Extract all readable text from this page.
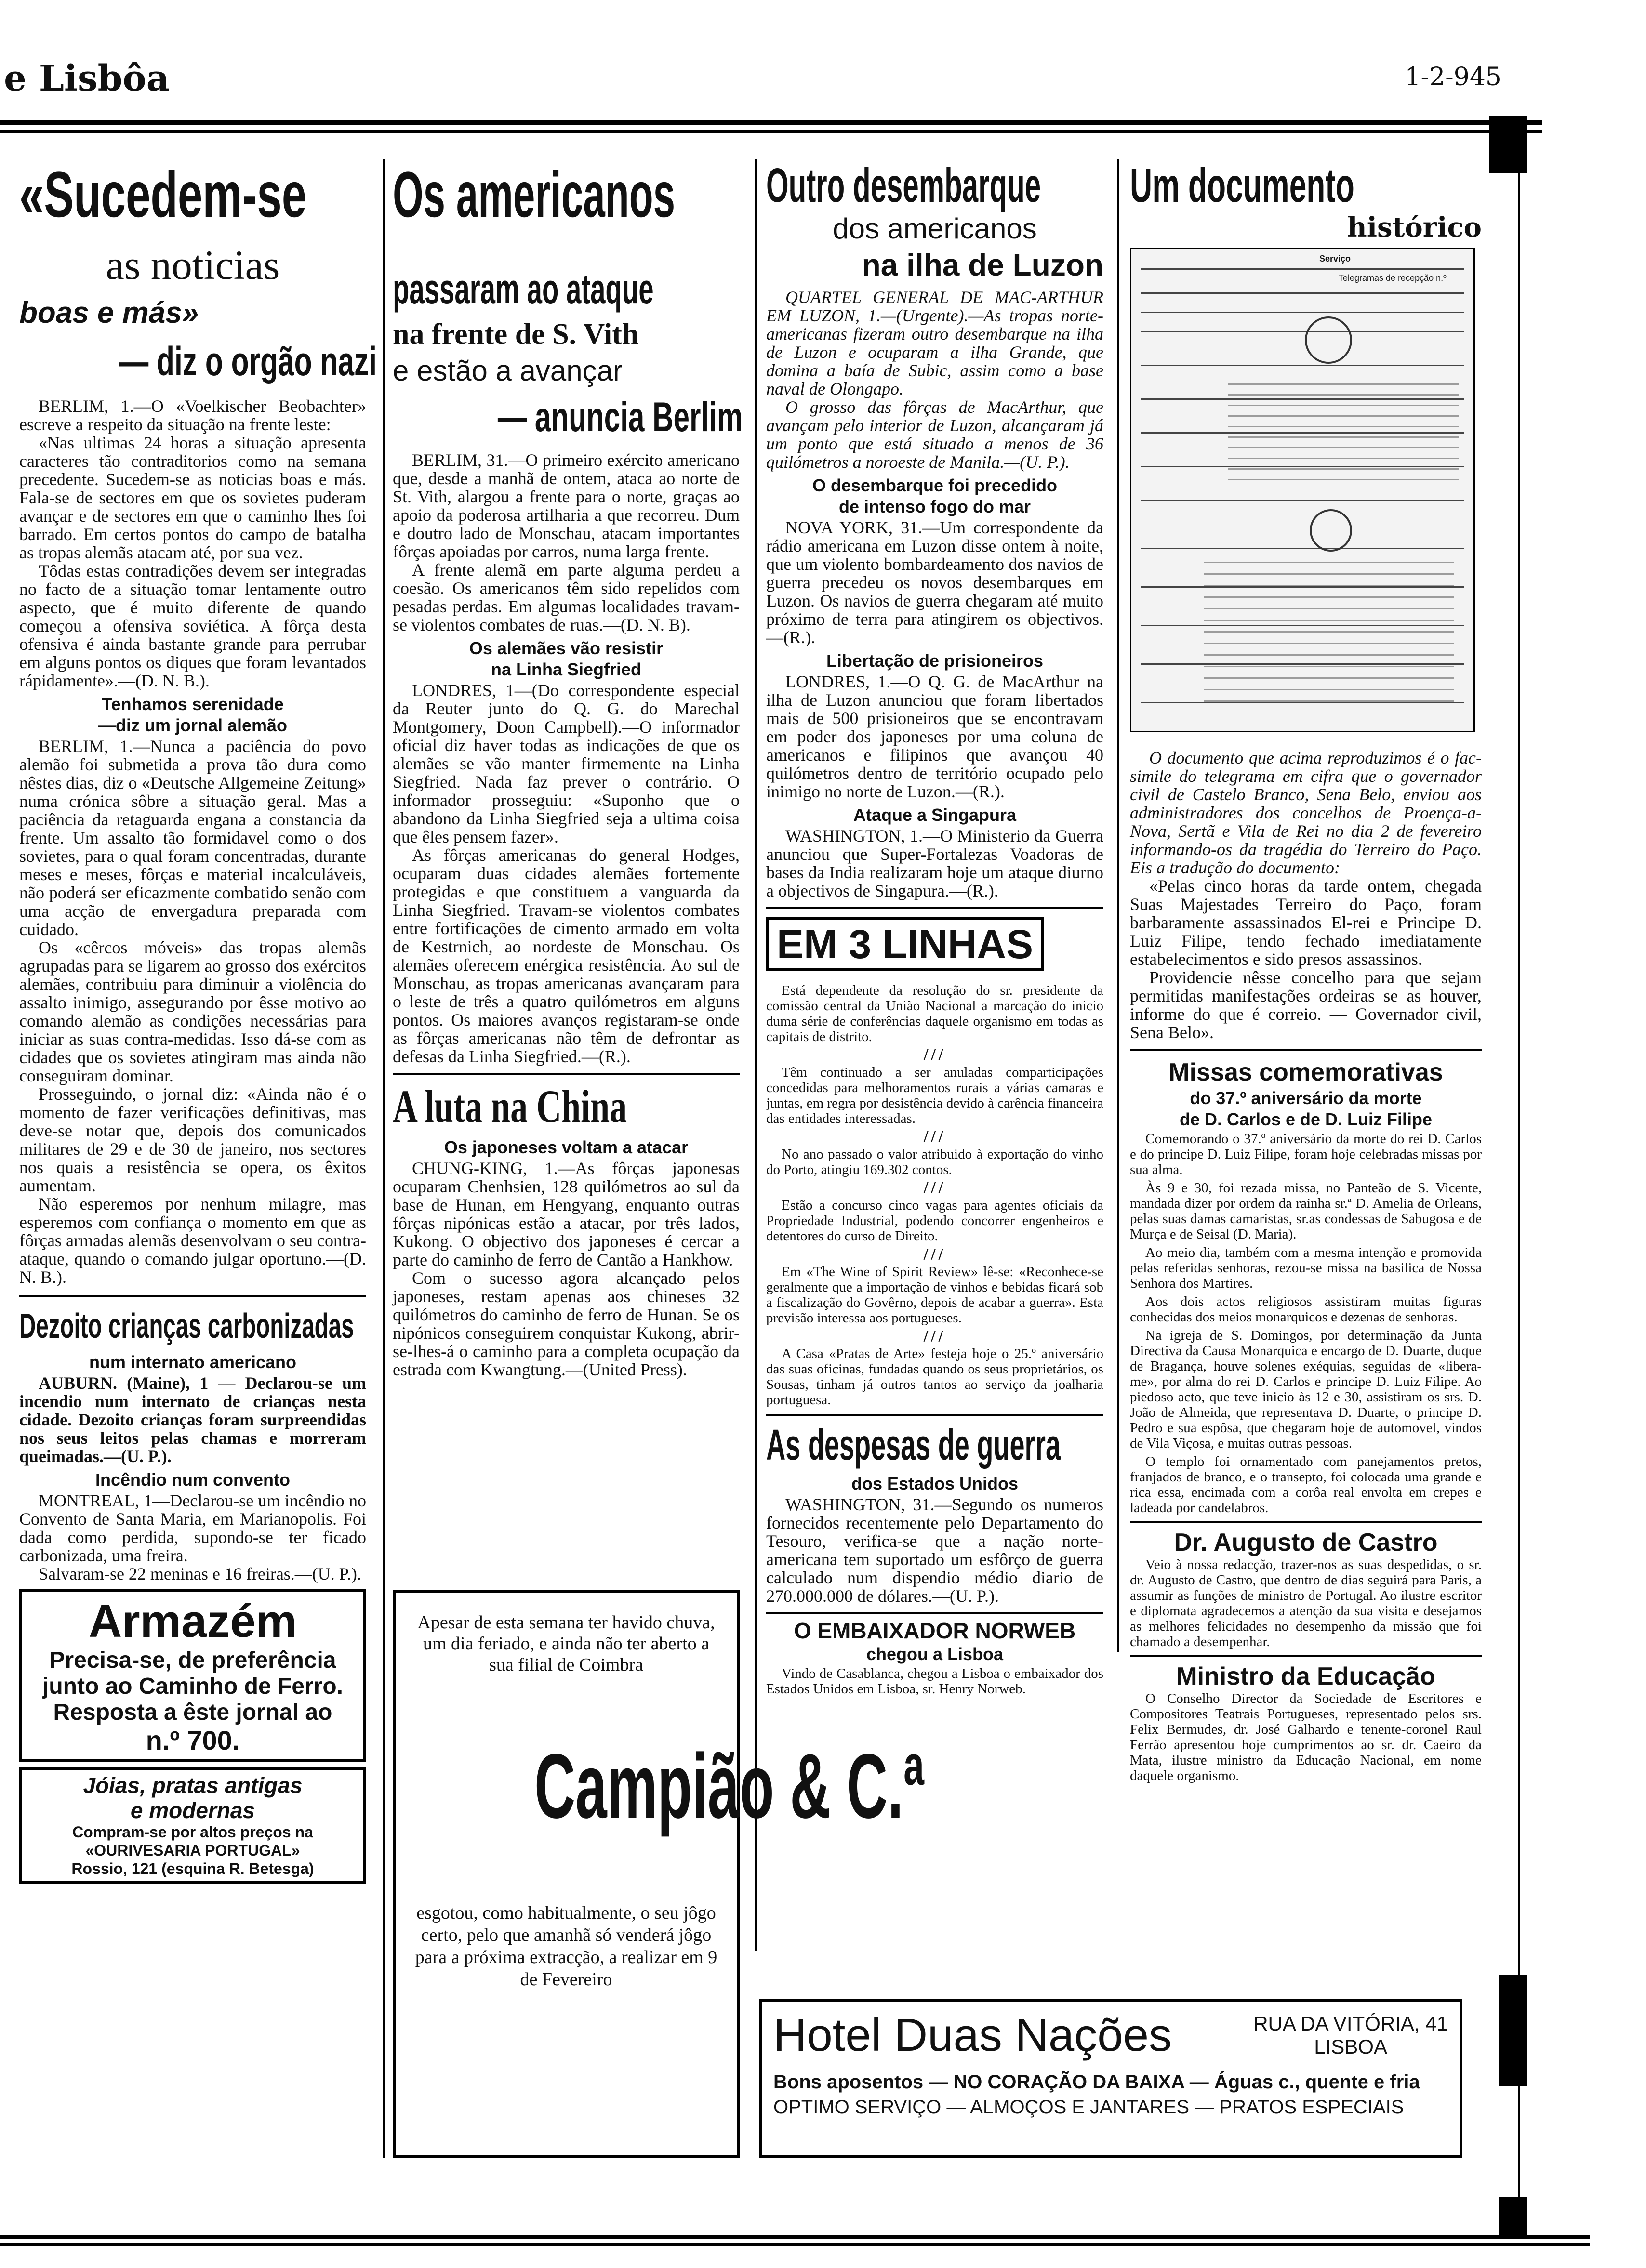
e Lisbôa	1-2-945
«Sucedem-se
as noticias
boas e más»
— diz o orgão nazi

BERLIM, 1.—O «Voelkischer Beobachter» escreve a respeito da situação na frente leste:

«Nas ultimas 24 horas a situação apresenta caracteres tão contraditorios como na semana precedente. Sucedem-se as noticias boas e más. Fala-se de sectores em que os sovietes puderam avançar e de sectores em que o caminho lhes foi barrado. Em certos pontos do campo de batalha as tropas alemãs atacam até, por sua vez.

Tôdas estas contradições devem ser integradas no facto de a situação tomar lentamente outro aspecto, que é muito diferente de quando começou a ofensiva soviética. A fôrça desta ofensiva é ainda bastante grande para perrubar em alguns pontos os diques que foram levantados rápidamente».—(D. N. B.).

Tenhamos serenidade
—diz um jornal alemão

BERLIM, 1.—Nunca a paciência do povo alemão foi submetida a prova tão dura como nêstes dias, diz o «Deutsche Allgemeine Zeitung» numa crónica sôbre a situação geral. Mas a paciência da retaguarda engana a constancia da frente. Um assalto tão formidavel como o dos sovietes, para o qual foram concentradas, durante meses e meses, fôrças e material incalculáveis, não poderá ser eficazmente combatido senão com uma acção de envergadura preparada com cuidado.

Os «cêrcos móveis» das tropas alemãs agrupadas para se ligarem ao grosso dos exércitos alemães, contribuiu para diminuir a violência do assalto inimigo, assegurando por êsse motivo ao comando alemão as condições necessárias para iniciar as suas contra-medidas. Isso dá-se com as cidades que os sovietes atingiram mas ainda não conseguiram dominar.

Prosseguindo, o jornal diz: «Ainda não é o momento de fazer verificações definitivas, mas deve-se notar que, depois dos comunicados militares de 29 e de 30 de janeiro, nos sectores nos quais a resistência se opera, os êxitos aumentam.

Não esperemos por nenhum milagre, mas esperemos com confiança o momento em que as fôrças armadas alemãs desenvolvam o seu contra-ataque, quando o comando julgar oportuno.—(D. N. B.).

Dezoito crianças carbonizadas
num internato americano

AUBURN. (Maine), 1 — Declarou-se um incendio num internato de crianças nesta cidade. Dezoito crianças foram surpreendidas nos seus leitos pelas chamas e morreram queimadas.—(U. P.).

Incêndio num convento

MONTREAL, 1—Declarou-se um incêndio no Convento de Santa Maria, em Marianopolis. Foi dada como perdida, supondo-se ter ficado carbonizada, uma freira.

Salvaram-se 22 meninas e 16 freiras.—(U. P.).

Armazém
Precisa-se, de preferência
junto ao Caminho de Ferro.
Resposta a êste jornal ao
n.º 700.
Jóias, pratas antigas
e modernas
Compram-se por altos preços na
«OURIVESARIA PORTUGAL»
Rossio, 121 (esquina R. Betesga)
Os americanos
passaram ao ataque
na frente de S. Vith
e estão a avançar
— anuncia Berlim

BERLIM, 31.—O primeiro exército americano que, desde a manhã de ontem, ataca ao norte de St. Vith, alargou a frente para o norte, graças ao apoio da poderosa artilharia a que recorreu. Dum e doutro lado de Monschau, atacam importantes fôrças apoiadas por carros, numa larga frente.

A frente alemã em parte alguma perdeu a coesão. Os americanos têm sido repelidos com pesadas perdas. Em algumas localidades travam-se violentos combates de ruas.—(D. N. B).

Os alemães vão resistir
na Linha Siegfried

LONDRES, 1—(Do correspondente especial da Reuter junto do Q. G. do Marechal Montgomery, Doon Campbell).—O informador oficial diz haver todas as indicações de que os alemães se vão manter firmemente na Linha Siegfried. Nada faz prever o contrário. O informador prosseguiu: «Suponho que o abandono da Linha Siegfried seja a ultima coisa que êles pensem fazer».

As fôrças americanas do general Hodges, ocuparam duas cidades alemães fortemente protegidas e que constituem a vanguarda da Linha Siegfried. Travam-se violentos combates entre fortificações de cimento armado em volta de Kestrnich, ao nordeste de Monschau. Os alemães oferecem enérgica resistência. Ao sul de Monschau, as tropas americanas avançaram para o leste de três a quatro quilómetros em alguns pontos. Os maiores avanços registaram-se onde as fôrças americanas não têm de defrontar as defesas da Linha Siegfried.—(R.).

A luta na China
Os japoneses voltam a atacar

CHUNG-KING, 1.—As fôrças japonesas ocuparam Chenhsien, 128 quilómetros ao sul da base de Hunan, em Hengyang, enquanto outras fôrças nipónicas estão a atacar, por três lados, Kukong. O objectivo dos japoneses é cercar a parte do caminho de ferro de Cantão a Hankhow.

Com o sucesso agora alcançado pelos japoneses, restam apenas aos chineses 32 quilómetros do caminho de ferro de Hunan. Se os nipónicos conseguirem conquistar Kukong, abrir-se-lhes-á o caminho para a completa ocupação da estrada com Kwangtung.—(United Press).

Apesar de esta semana ter havido chuva, um dia feriado, e ainda não ter aberto a sua filial de Coimbra
Campião & C.ª
esgotou, como habitualmente, o seu jôgo certo, pelo que amanhã só venderá jôgo para a próxima extracção, a realizar em 9 de Fevereiro
Outro desembarque
dos americanos
na ilha de Luzon

QUARTEL GENERAL DE MAC-ARTHUR EM LUZON, 1.—(Urgente).—As tropas norte-americanas fizeram outro desembarque na ilha de Luzon e ocuparam a ilha Grande, que domina a baía de Subic, assim como a base naval de Olongapo.

O grosso das fôrças de MacArthur, que avançam pelo interior de Luzon, alcançaram já um ponto que está situado a menos de 36 quilómetros a noroeste de Manila.—(U. P.).

O desembarque foi precedido
de intenso fogo do mar

NOVA YORK, 31.—Um correspondente da rádio americana em Luzon disse ontem à noite, que um violento bombardeamento dos navios de guerra precedeu os novos desembarques em Luzon. Os navios de guerra chegaram até muito próximo de terra para atingirem os objectivos.—(R.).

Libertação de prisioneiros

LONDRES, 1.—O Q. G. de MacArthur na ilha de Luzon anunciou que foram libertados mais de 500 prisioneiros que se encontravam em poder dos japoneses por uma coluna de americanos e filipinos que avançou 40 quilómetros dentro de território ocupado pelo inimigo no norte de Luzon.—(R.).

Ataque a Singapura

WASHINGTON, 1.—O Ministerio da Guerra anunciou que Super-Fortalezas Voadoras de bases da India realizaram hoje um ataque diurno a objectivos de Singapura.—(R.).

EM 3 LINHAS

Está dependente da resolução do sr. presidente da comissão central da União Nacional a marcação do inicio duma série de conferências daquele organismo em todas as capitais de distrito.

///

Têm continuado a ser anuladas comparticipações concedidas para melhoramentos rurais a várias camaras e juntas, em regra por desistência devido à carência financeira das entidades interessadas.

///

No ano passado o valor atribuido à exportação do vinho do Porto, atingiu 169.302 contos.

///

Estão a concurso cinco vagas para agentes oficiais da Propriedade Industrial, podendo concorrer engenheiros e detentores do curso de Direito.

///

Em «The Wine of Spirit Review» lê-se: «Reconhece-se geralmente que a importação de vinhos e bebidas ficará sob a fiscalização do Govêrno, depois de acabar a guerra». Esta previsão interessa aos portugueses.

///

A Casa «Pratas de Arte» festeja hoje o 25.º aniversário das suas oficinas, fundadas quando os seus proprietários, os Sousas, tinham já outros tantos ao serviço da joalharia portuguesa.

As despesas de guerra
dos Estados Unidos

WASHINGTON, 31.—Segundo os numeros fornecidos recentemente pelo Departamento do Tesouro, verifica-se que a nação norte-americana tem suportado um esfôrço de guerra calculado num dispendio médio diario de 270.000.000 de dólares.—(U. P.).

O EMBAIXADOR NORWEB
chegou a Lisboa

Vindo de Casablanca, chegou a Lisboa o embaixador dos Estados Unidos em Lisboa, sr. Henry Norweb.

Um documento
histórico
Serviço
Telegramas de recepção n.º

O documento que acima reproduzimos é o fac-simile do telegrama em cifra que o governador civil de Castelo Branco, Sena Belo, enviou aos administradores dos concelhos de Proença-a-Nova, Sertã e Vila de Rei no dia 2 de fevereiro informando-os da tragédia do Terreiro do Paço. Eis a tradução do documento:

«Pelas cinco horas da tarde ontem, chegada Suas Majestades Terreiro do Paço, foram barbaramente assassinados El-rei e Principe D. Luiz Filipe, tendo fechado imediatamente estabelecimentos e sido presos assassinos.

Providencie nêsse concelho para que sejam permitidas manifestações ordeiras se as houver, informe do que é correio. — Governador civil, Sena Belo».

Missas comemorativas
do 37.º aniversário da morte
de D. Carlos e de D. Luiz Filipe

Comemorando o 37.º aniversário da morte do rei D. Carlos e do principe D. Luiz Filipe, foram hoje celebradas missas por sua alma.

Às 9 e 30, foi rezada missa, no Panteão de S. Vicente, mandada dizer por ordem da rainha sr.ª D. Amelia de Orleans, pelas suas damas camaristas, sr.as condessas de Sabugosa e de Murça e de Seisal (D. Maria).

Ao meio dia, também com a mesma intenção e promovida pelas referidas senhoras, rezou-se missa na basilica de Nossa Senhora dos Martires.

Aos dois actos religiosos assistiram muitas figuras conhecidas dos meios monarquicos e dezenas de senhoras.

Na igreja de S. Domingos, por determinação da Junta Directiva da Causa Monarquica e encargo de D. Duarte, duque de Bragança, houve solenes exéquias, seguidas de «libera-me», por alma do rei D. Carlos e principe D. Luiz Filipe. Ao piedoso acto, que teve inicio às 12 e 30, assistiram os srs. D. João de Almeida, que representava D. Duarte, o principe D. Pedro e sua espôsa, que chegaram hoje de automovel, vindos de Vila Viçosa, e muitas outras pessoas.

O templo foi ornamentado com panejamentos pretos, franjados de branco, e o transepto, foi colocada uma grande e rica essa, encimada com a corôa real envolta em crepes e ladeada por candelabros.

Dr. Augusto de Castro

Veio à nossa redacção, trazer-nos as suas despedidas, o sr. dr. Augusto de Castro, que dentro de dias seguirá para Paris, a assumir as funções de ministro de Portugal. Ao ilustre escritor e diplomata agradecemos a atenção da sua visita e desejamos as melhores felicidades no desempenho da missão que foi chamado a desempenhar.

Ministro da Educação

O Conselho Director da Sociedade de Escritores e Compositores Teatrais Portugueses, representado pelos srs. Felix Bermudes, dr. José Galhardo e tenente-coronel Raul Ferrão apresentou hoje cumprimentos ao sr. dr. Caeiro da Mata, ilustre ministro da Educação Nacional, em nome daquele organismo.

Hotel Duas Nações	RUA DA VITÓRIA, 41
LISBOA
Bons aposentos — NO CORAÇÃO DA BAIXA — Águas c., quente e fria
OPTIMO SERVIÇO — ALMOÇOS E JANTARES — PRATOS ESPECIAIS
